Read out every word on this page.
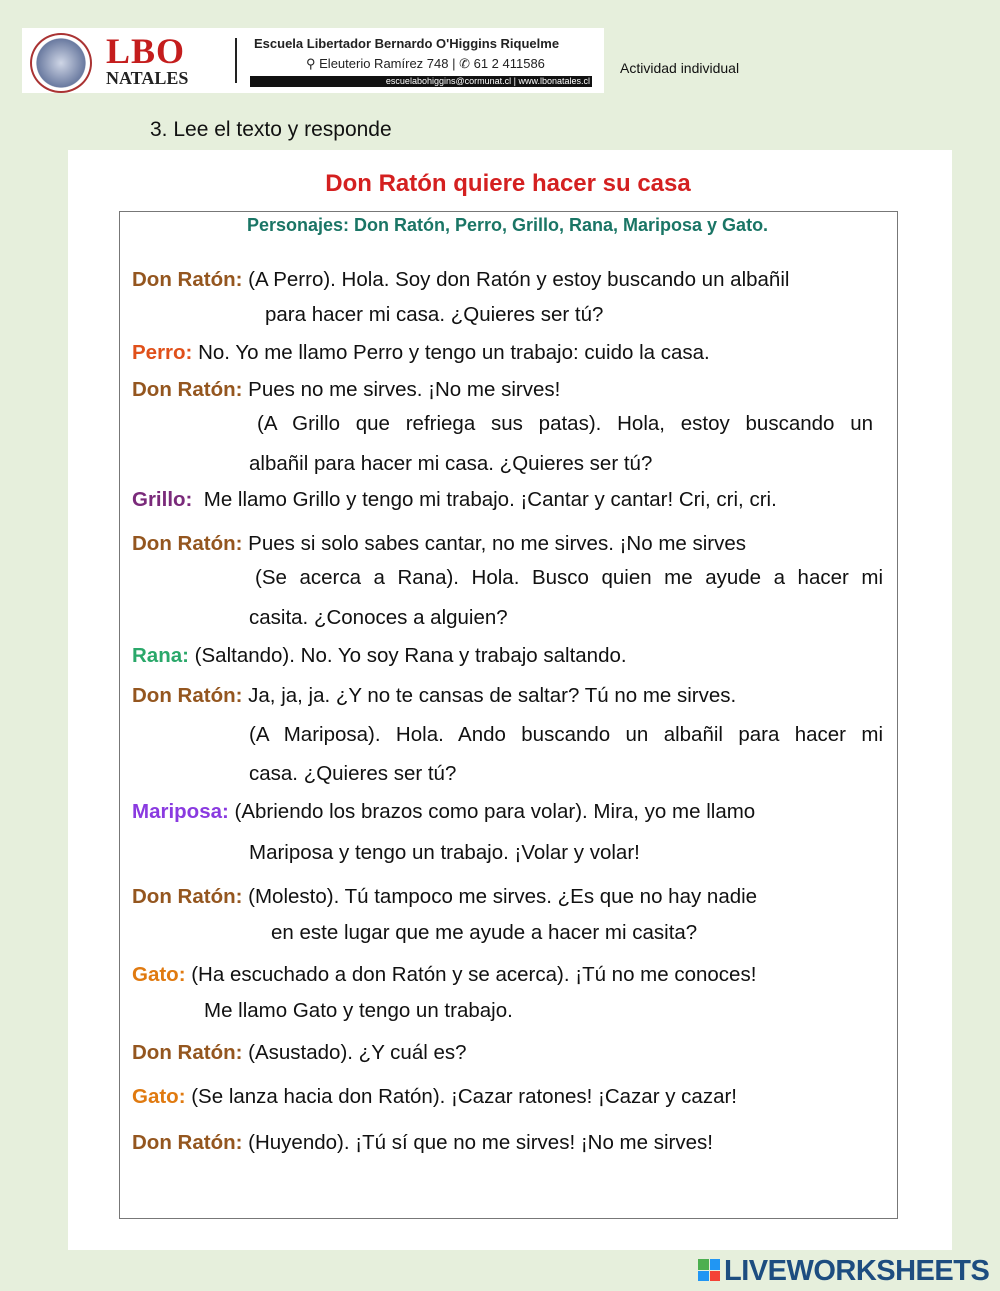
LBO
NATALES
Escuela Libertador Bernardo O'Higgins Riquelme
⚲ Eleuterio Ramírez 748 | ✆ 61 2 411586
escuelabohiggins@cormunat.cl | www.lbonatales.cl
Actividad individual
3. Lee el texto y responde
Don Ratón quiere hacer su casa
Personajes: Don Ratón, Perro, Grillo, Rana, Mariposa y Gato.
Don Ratón: (A Perro). Hola. Soy don Ratón y estoy buscando un albañil
para hacer mi casa. ¿Quieres ser tú?
Perro: No. Yo me llamo Perro y tengo un trabajo: cuido la casa.
Don Ratón: Pues no me sirves. ¡No me sirves!
(A Grillo que refriega sus patas). Hola, estoy buscando un
albañil para hacer mi casa. ¿Quieres ser tú?
Grillo:  Me llamo Grillo y tengo mi trabajo. ¡Cantar y cantar! Cri, cri, cri.
Don Ratón: Pues si solo sabes cantar, no me sirves. ¡No me sirves
(Se acerca a Rana). Hola. Busco quien me ayude a hacer mi
casita. ¿Conoces a alguien?
Rana: (Saltando). No. Yo soy Rana y trabajo saltando.
Don Ratón: Ja, ja, ja. ¿Y no te cansas de saltar? Tú no me sirves.
(A Mariposa). Hola. Ando buscando un albañil para hacer mi
casa. ¿Quieres ser tú?
Mariposa: (Abriendo los brazos como para volar). Mira, yo me llamo
Mariposa y tengo un trabajo. ¡Volar y volar!
Don Ratón: (Molesto). Tú tampoco me sirves. ¿Es que no hay nadie
en este lugar que me ayude a hacer mi casita?
Gato: (Ha escuchado a don Ratón y se acerca). ¡Tú no me conoces!
Me llamo Gato y tengo un trabajo.
Don Ratón: (Asustado). ¿Y cuál es?
Gato: (Se lanza hacia don Ratón). ¡Cazar ratones! ¡Cazar y cazar!
Don Ratón: (Huyendo). ¡Tú sí que no me sirves! ¡No me sirves!
LIVEWORKSHEETS
